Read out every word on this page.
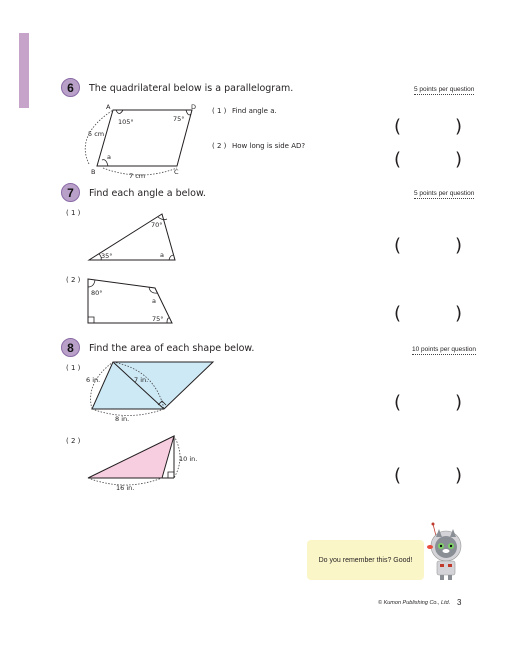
6	The quadrilateral below is a parallelogram.	5 points per question
A	D
B	C
105°	75°
a
5 cm
7 cm
( 1 ) Find angle a.
( 2 ) How long is side AD?
(	)
(	)
7	Find each angle a below.	5 points per question
( 1 )
70°
35°	a	(	)
( 2 )
80°
a
75°	(	)
8	Find the area of each shape below.	10 points per question
( 1 )
6 in.	7 in.
8 in.
(	)
( 2 )
10 in.
16 in.
(	)
Do you remember this? Good!
© Kumon Publishing Co., Ltd. 3
